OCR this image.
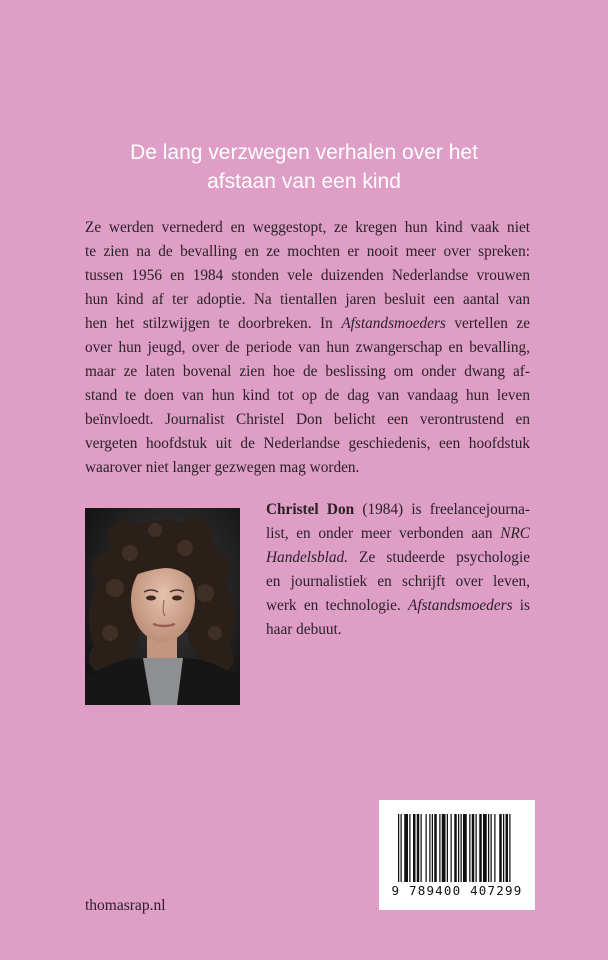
De lang verzwegen verhalen over het
afstaan van een kind
Ze werden vernederd en weggestopt, ze kregen hun kind vaak niet
te zien na de bevalling en ze mochten er nooit meer over spreken:
tussen 1956 en 1984 stonden vele duizenden Nederlandse vrouwen
hun kind af ter adoptie. Na tientallen jaren besluit een aantal van
hen het stilzwijgen te doorbreken. In Afstandsmoeders vertellen ze
over hun jeugd, over de periode van hun zwangerschap en bevalling,
maar ze laten bovenal zien hoe de beslissing om onder dwang af-
stand te doen van hun kind tot op de dag van vandaag hun leven
beïnvloedt. Journalist Christel Don belicht een verontrustend en
vergeten hoofdstuk uit de Nederlandse geschiedenis, een hoofdstuk
waarover niet langer gezwegen mag worden.
Christel Don (1984) is freelancejourna-
list, en onder meer verbonden aan NRC
Handelsblad. Ze studeerde psychologie
en journalistiek en schrijft over leven,
werk en technologie. Afstandsmoeders is
haar debuut.
9 789400 407299
thomasrap.nl
